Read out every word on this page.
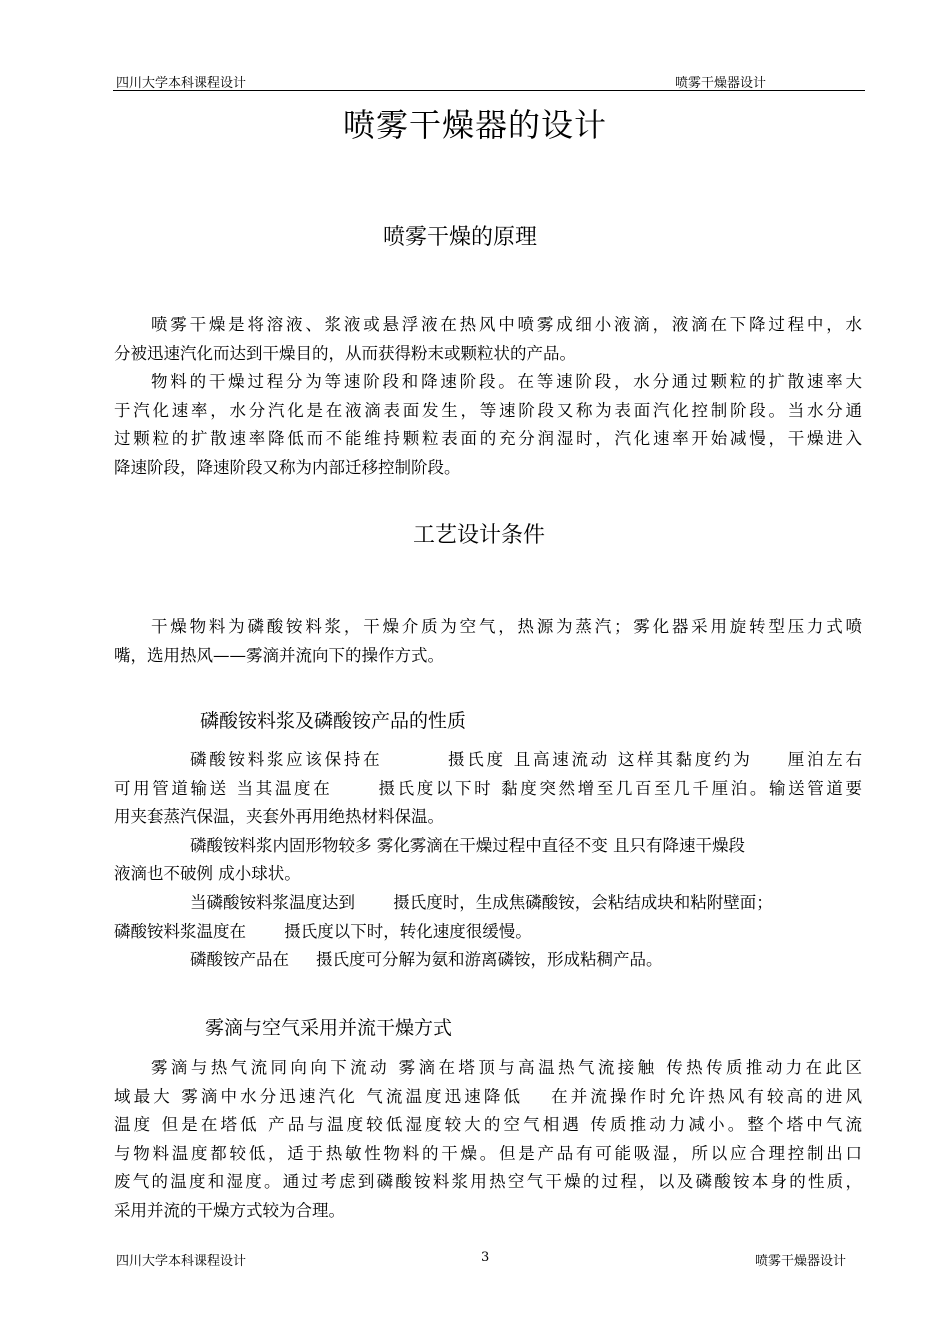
四川大学本科课程设计	喷雾干燥器设计
喷雾干燥器的设计
喷雾干燥的原理
喷雾干燥是将溶液、浆液或悬浮液在热风中喷雾成细小液滴，液滴在下降过程中，水
分被迅速汽化而达到干燥目的，从而获得粉末或颗粒状的产品。
物料的干燥过程分为等速阶段和降速阶段。在等速阶段，水分通过颗粒的扩散速率大
于汽化速率，水分汽化是在液滴表面发生，等速阶段又称为表面汽化控制阶段。当水分通
过颗粒的扩散速率降低而不能维持颗粒表面的充分润湿时，汽化速率开始减慢，干燥进入
降速阶段，降速阶段又称为内部迁移控制阶段。
工艺设计条件
干燥物料为磷酸铵料浆，干燥介质为空气，热源为蒸汽；雾化器采用旋转型压力式喷
嘴，选用热风——雾滴并流向下的操作方式。
磷酸铵料浆及磷酸铵产品的性质
磷酸铵料浆应该保持在 　　　摄氏度 且高速流动 这样其黏度约为 　 厘泊左右
可用管道输送 当其温度在 　　摄氏度以下时 黏度突然增至几百至几千厘泊。输送管道要
用夹套蒸汽保温，夹套外再用绝热材料保温。
磷酸铵料浆内固形物较多 雾化雾滴在干燥过程中直径不变 且只有降速干燥段
液滴也不破例 成小球状。
当磷酸铵料浆温度达到 　　摄氏度时，生成焦磷酸铵，会粘结成块和粘附壁面；
磷酸铵料浆温度在 　　摄氏度以下时，转化速度很缓慢。
磷酸铵产品在 　 摄氏度可分解为氨和游离磷铵，形成粘稠产品。
雾滴与空气采用并流干燥方式
雾滴与热气流同向向下流动 雾滴在塔顶与高温热气流接触 传热传质推动力在此区
域最大 雾滴中水分迅速汽化 气流温度迅速降低 　在并流操作时允许热风有较高的进风
温度 但是在塔低 产品与温度较低湿度较大的空气相遇 传质推动力减小。整个塔中气流
与物料温度都较低，适于热敏性物料的干燥。但是产品有可能吸湿，所以应合理控制出口
废气的温度和湿度。通过考虑到磷酸铵料浆用热空气干燥的过程，以及磷酸铵本身的性质，
采用并流的干燥方式较为合理。
四川大学本科课程设计	3	喷雾干燥器设计
